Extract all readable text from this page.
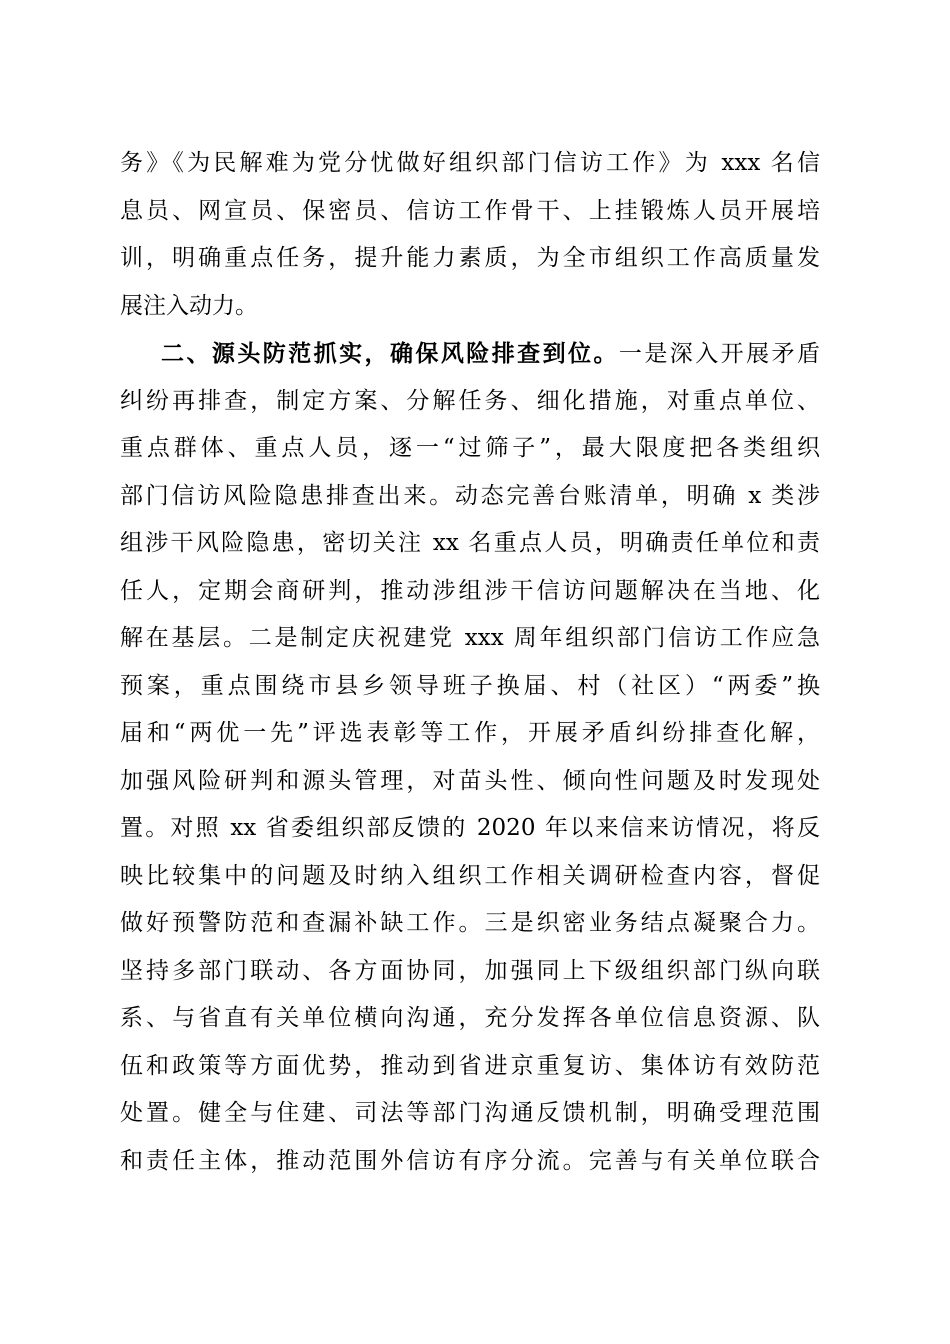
务》《为民解难为党分忧做好组织部门信访工作》为 xxx 名信
息员、网宣员、保密员、信访工作骨干、上挂锻炼人员开展培
训，明确重点任务，提升能力素质，为全市组织工作高质量发
展注入动力。
二、源头防范抓实，确保风险排查到位。一是深入开展矛盾
纠纷再排查，制定方案、分解任务、细化措施，对重点单位、
重点群体、重点人员，逐一“过筛子”，最大限度把各类组织
部门信访风险隐患排查出来。动态完善台账清单，明确 x 类涉
组涉干风险隐患，密切关注 xx 名重点人员，明确责任单位和责
任人，定期会商研判，推动涉组涉干信访问题解决在当地、化
解在基层。二是制定庆祝建党 xxx 周年组织部门信访工作应急
预案，重点围绕市县乡领导班子换届、村（社区）“两委”换
届和“两优一先”评选表彰等工作，开展矛盾纠纷排查化解，
加强风险研判和源头管理，对苗头性、倾向性问题及时发现处
置。对照 xx 省委组织部反馈的 2020 年以来信来访情况，将反
映比较集中的问题及时纳入组织工作相关调研检查内容，督促
做好预警防范和查漏补缺工作。三是织密业务结点凝聚合力。
坚持多部门联动、各方面协同，加强同上下级组织部门纵向联
系、与省直有关单位横向沟通，充分发挥各单位信息资源、队
伍和政策等方面优势，推动到省进京重复访、集体访有效防范
处置。健全与住建、司法等部门沟通反馈机制，明确受理范围
和责任主体，推动范围外信访有序分流。完善与有关单位联合
